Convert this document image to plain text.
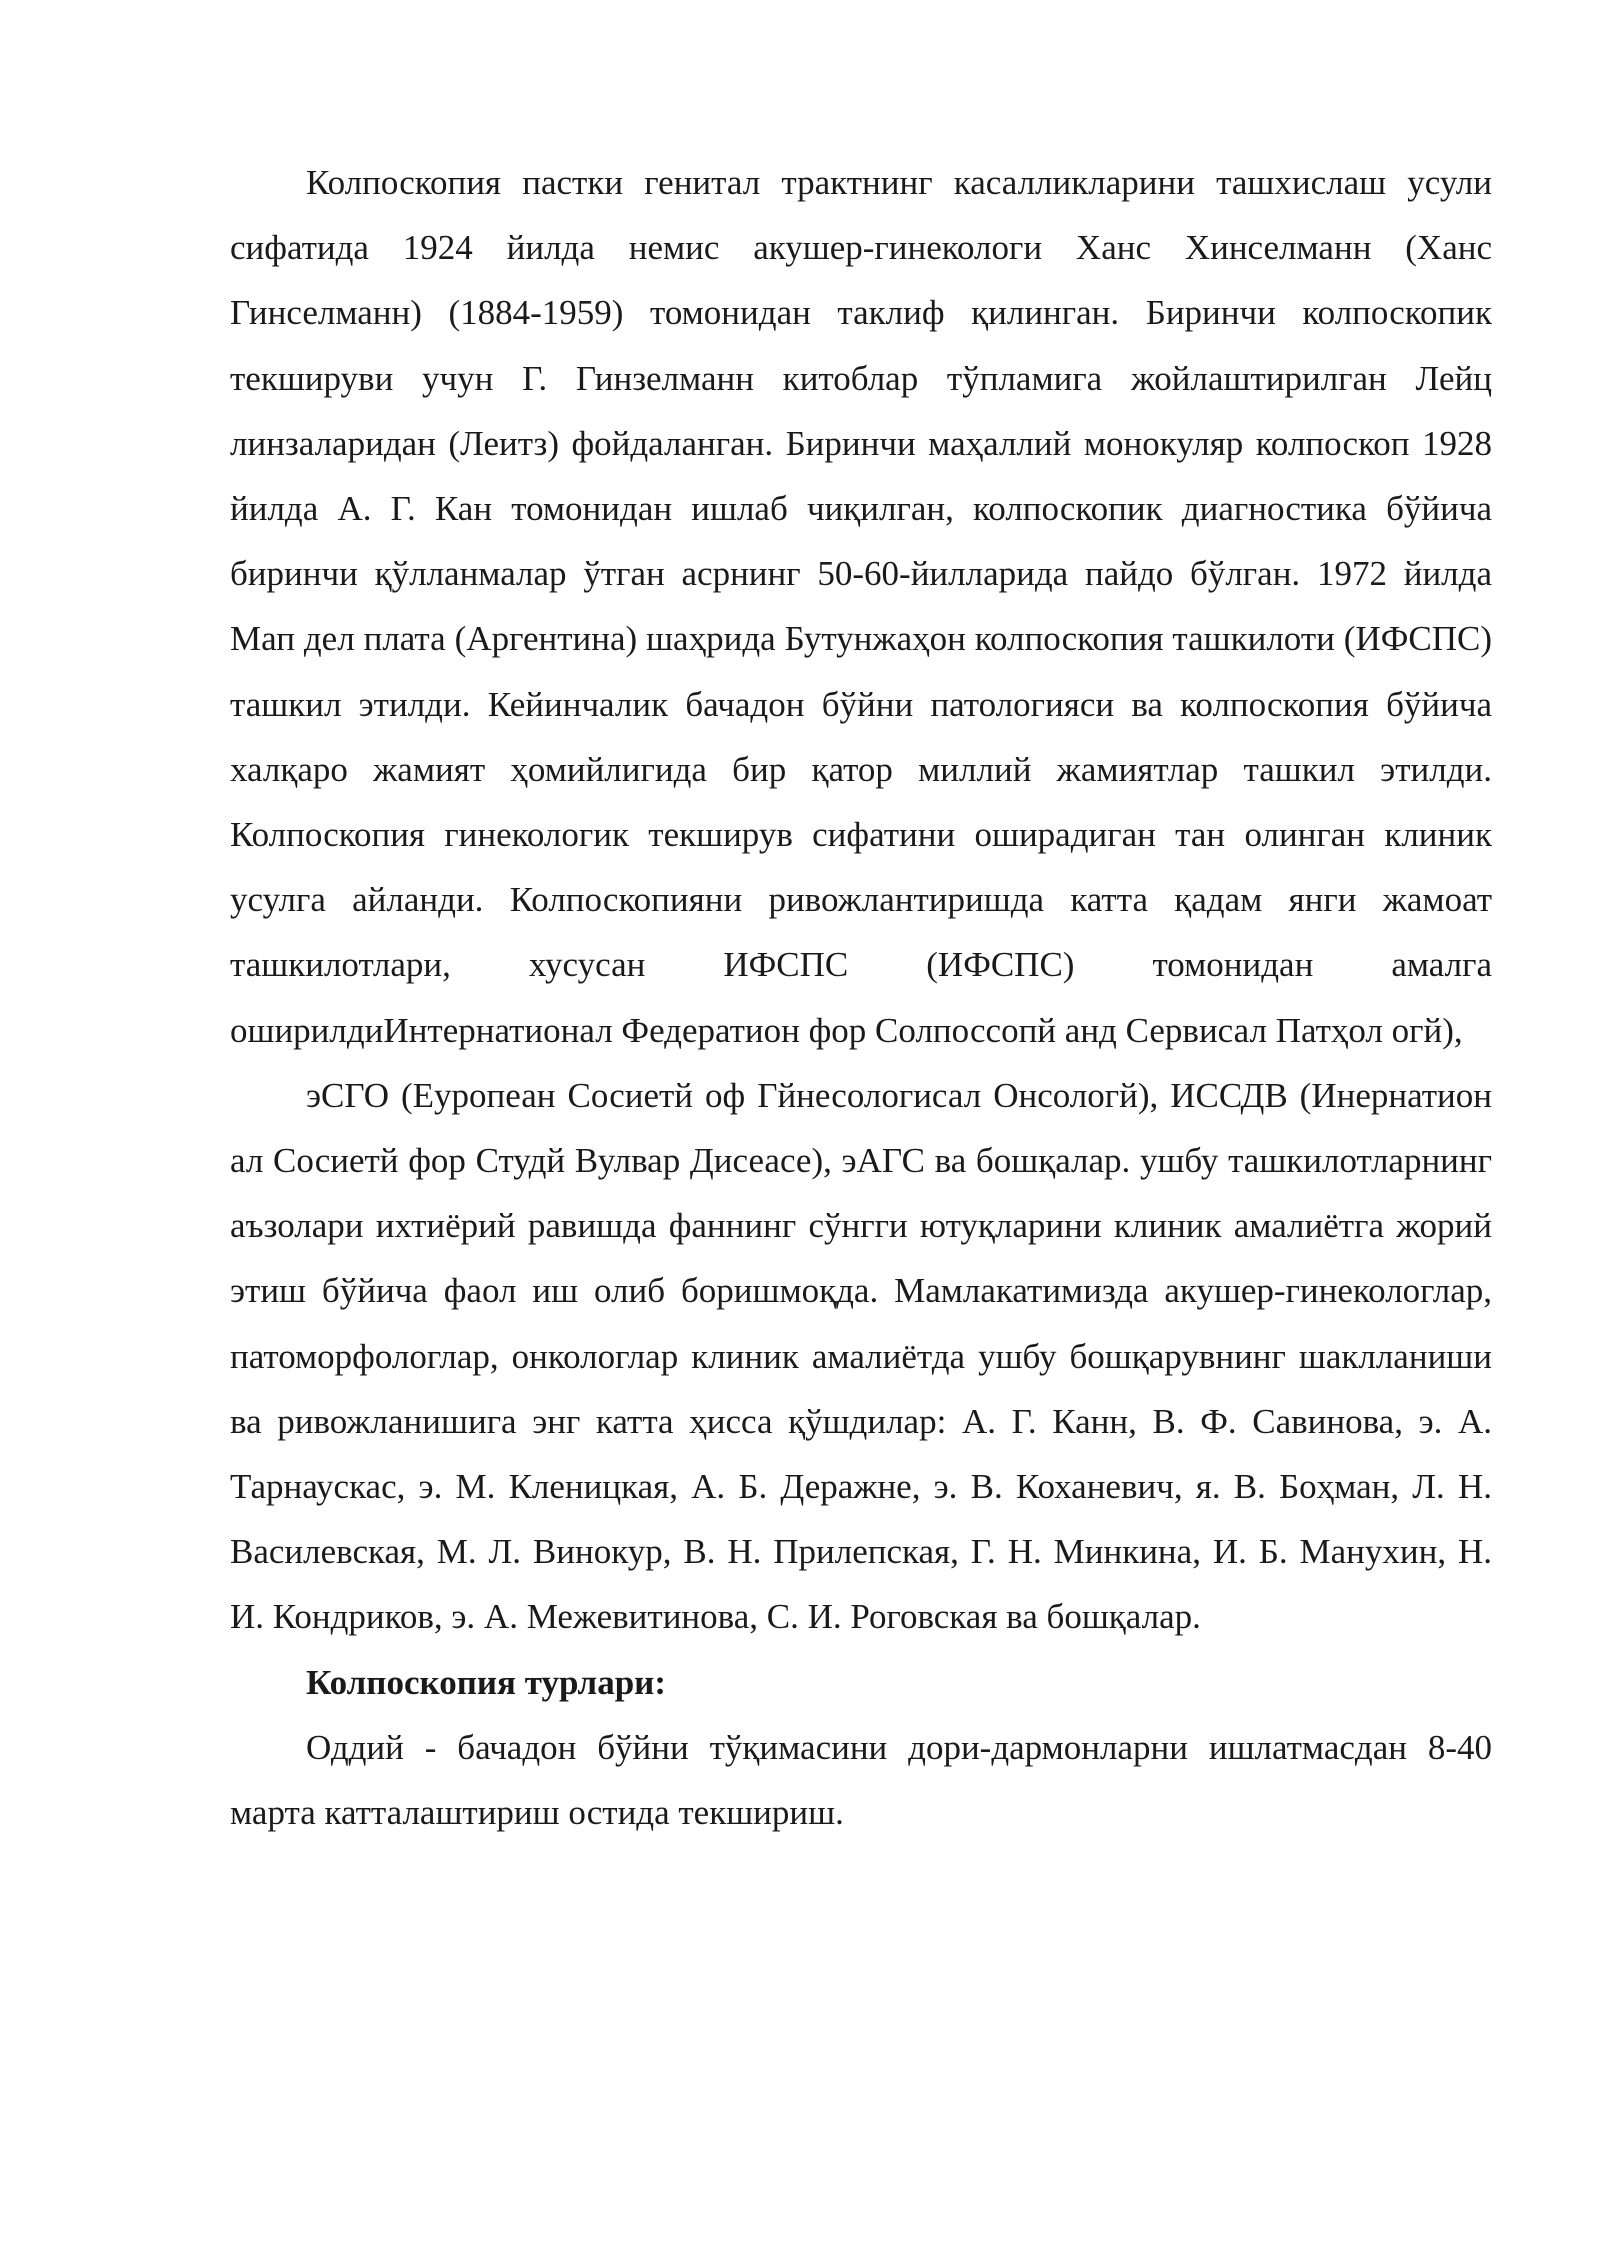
Колпоскопия пастки генитал трактнинг касалликларини ташхислаш усули сифатида 1924 йилда немис акушер-гинекологи Ханс Хинселманн (Ханс Гинселманн) (1884-1959) томонидан таклиф қилинган. Биринчи колпоскопик текшируви учун Г. Гинзелманн китоблар тўпламига жойлаштирилган Лейц линзаларидан (Леитз) фойдаланган. Биринчи маҳаллий монокуляр колпоскоп 1928 йилда А. Г. Кан томонидан ишлаб чиқилган, колпоскопик диагностика бўйича биринчи қўлланмалар ўтган асрнинг 50-60-йилларида пайдо бўлган. 1972 йилда Мап дел плата (Аргентина) шаҳрида Бутунжаҳон колпоскопия ташкилоти (ИФСПС) ташкил этилди. Кейинчалик бачадон бўйни патологияси ва колпоскопия бўйича халқаро жамият ҳомийлигида бир қатор миллий жамиятлар ташкил этилди. Колпоскопия гинекологик текширув сифатини оширадиган тан олинган клиник усулга айланди. Колпоскопияни ривожлантиришда катта қадам янги жамоат ташкилотлари, хусусан ИФСПС (ИФСПС) томонидан амалга оширилдиИнтернатионал Федератион фор Солпоссопй анд Сервисал Патҳол огй),

эСГО (Еуропеан Сосиетй оф Гйнесологисал Онсологй), ИССДВ (Инернатион ал Сосиетй фор Студй Вулвар Дисеасе), эАГС ва бошқалар. ушбу ташкилотларнинг аъзолари ихтиёрий равишда фаннинг сўнгги ютуқларини клиник амалиётга жорий этиш бўйича фаол иш олиб боришмоқда. Мамлакатимизда акушер-гинекологлар, патоморфологлар, онкологлар клиник амалиётда ушбу бошқарувнинг шаклланиши ва ривожланишига энг катта ҳисса қўшдилар: А. Г. Канн, В. Ф. Савинова, э. А. Тарнаускас, э. М. Кленицкая, А. Б. Деражне, э. В. Коханевич, я. В. Боҳман, Л. Н. Василевская, М. Л. Винокур, В. Н. Прилепская, Г. Н. Минкина, И. Б. Манухин, Н. И. Кондриков, э. А. Межевитинова, С. И. Роговская ва бошқалар.

Колпоскопия турлари:

Оддий - бачадон бўйни тўқимасини дори-дармонларни ишлатмасдан 8-40 марта катталаштириш остида текшириш.
